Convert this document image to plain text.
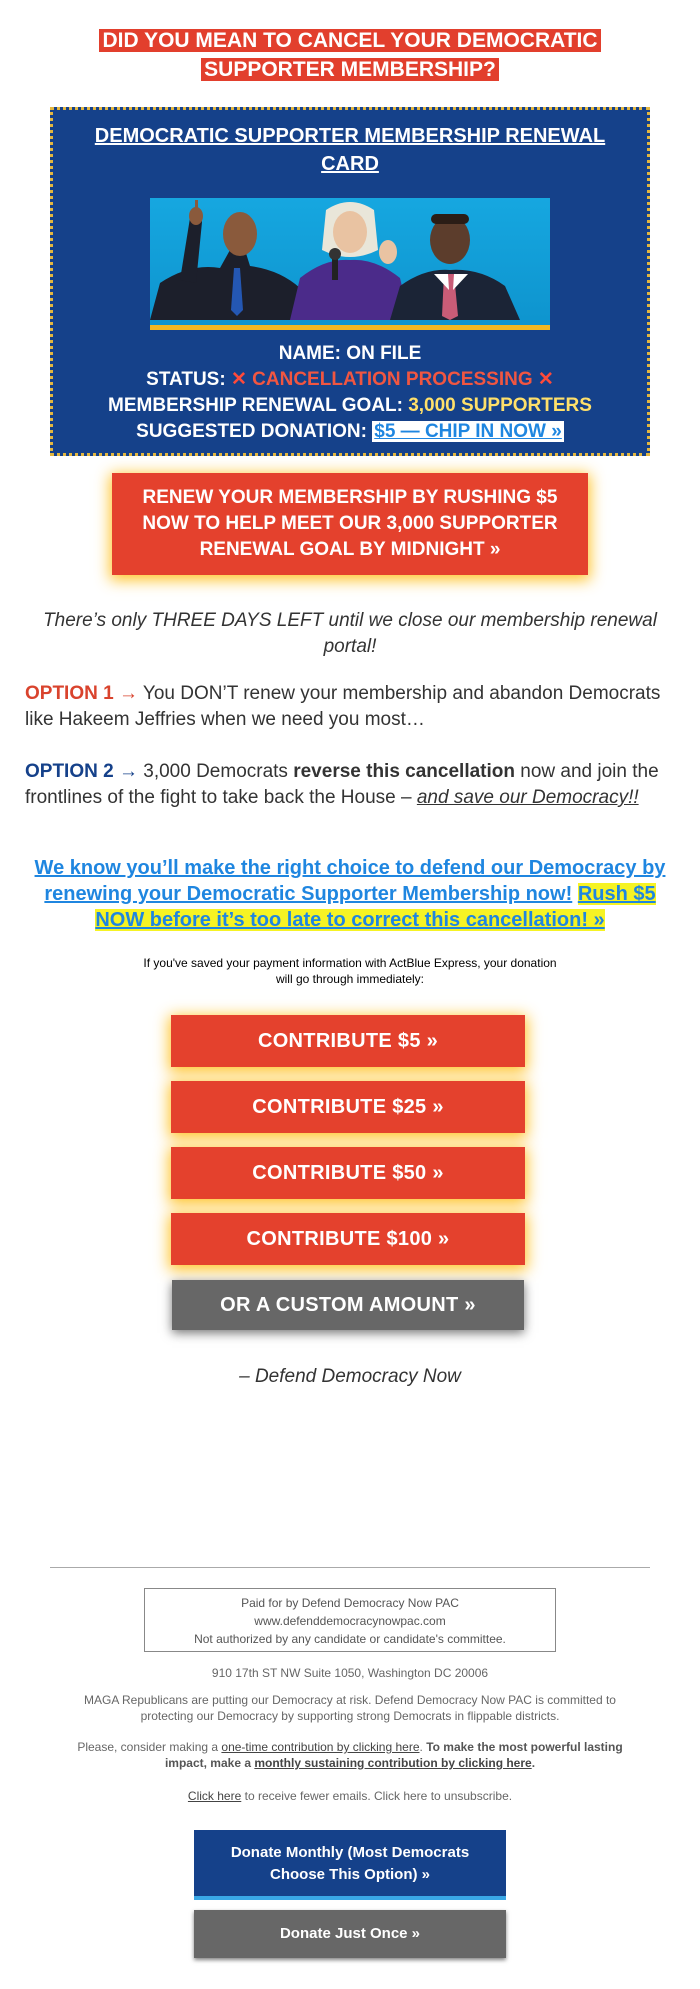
DID YOU MEAN TO CANCEL YOUR DEMOCRATIC
SUPPORTER MEMBERSHIP?
DEMOCRATIC SUPPORTER MEMBERSHIP RENEWAL
CARD
NAME: ON FILE
STATUS: ✕ CANCELLATION PROCESSING ✕
MEMBERSHIP RENEWAL GOAL: 3,000 SUPPORTERS
SUGGESTED DONATION: $5 — CHIP IN NOW »
RENEW YOUR MEMBERSHIP BY RUSHING $5
NOW TO HELP MEET OUR 3,000 SUPPORTER
RENEWAL GOAL BY MIDNIGHT »
There’s only THREE DAYS LEFT until we close our membership renewal portal!
OPTION 1 → You DON’T renew your membership and abandon Democrats like Hakeem Jeffries when we need you most…
OPTION 2 → 3,000 Democrats reverse this cancellation now and join the frontlines of the fight to take back the House – and save our Democracy!!
We know you’ll make the right choice to defend our Democracy by renewing your Democratic Supporter Membership now! Rush $5 NOW before it’s too late to correct this cancellation! »
If you've saved your payment information with ActBlue Express, your donation
will go through immediately:
CONTRIBUTE $5 »
CONTRIBUTE $25 »
CONTRIBUTE $50 »
CONTRIBUTE $100 »
OR A CUSTOM AMOUNT »
– Defend Democracy Now
Paid for by Defend Democracy Now PAC
www.defenddemocracynowpac.com
Not authorized by any candidate or candidate's committee.
910 17th ST NW Suite 1050, Washington DC 20006
MAGA Republicans are putting our Democracy at risk. Defend Democracy Now PAC is committed to protecting our Democracy by supporting strong Democrats in flippable districts.
Please, consider making a one-time contribution by clicking here. To make the most powerful lasting impact, make a monthly sustaining contribution by clicking here.
Click here to receive fewer emails. Click here to unsubscribe.
Donate Monthly (Most Democrats
Choose This Option) »
Donate Just Once »
